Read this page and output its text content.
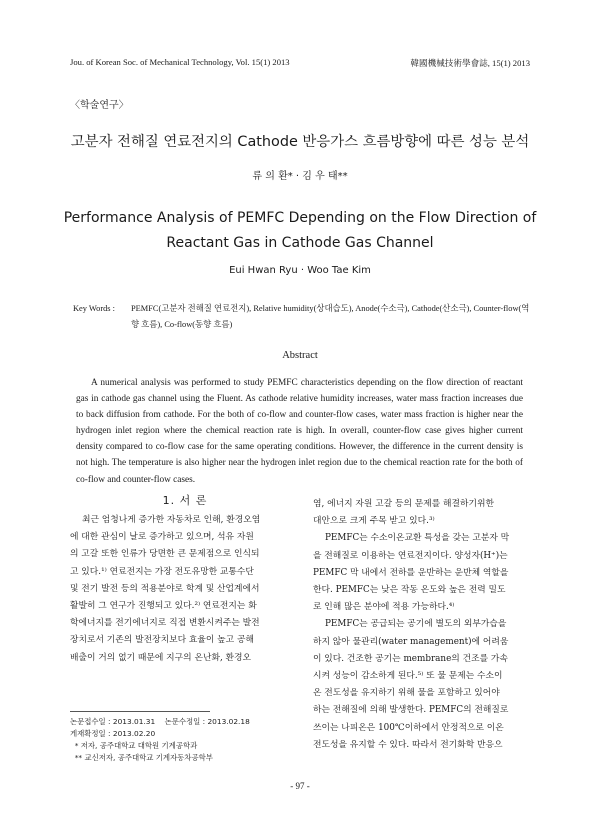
Jou. of Korean Soc. of Mechanical Technology, Vol. 15(1) 2013	韓國機械技術學會誌, 15(1) 2013
〈학술연구〉
고분자 전해질 연료전지의 Cathode 반응가스 흐름방향에 따른 성능 분석
류 의 환* · 김 우 태**
Performance Analysis of PEMFC Depending on the Flow Direction of Reactant Gas in Cathode Gas Channel
Eui Hwan Ryu · Woo Tae Kim
Key Words : PEMFC(고분자 전해질 연료전지), Relative humidity(상대습도), Anode(수소극), Cathode(산소극), Counter-flow(역향 흐름), Co-flow(동향 흐름)
Abstract
A numerical analysis was performed to study PEMFC characteristics depending on the flow direction of reactant gas in cathode gas channel using the Fluent. As cathode relative humidity increases, water mass fraction increases due to back diffusion from cathode. For the both of co-flow and counter-flow cases, water mass fraction is higher near the hydrogen inlet region where the chemical reaction rate is high. In overall, counter-flow case gives higher current density compared to co-flow case for the same operating conditions. However, the difference in the current density is not high. The temperature is also higher near the hydrogen inlet region due to the chemical reaction rate for the both of co-flow and counter-flow cases.
1. 서 론
최근 엄청나게 증가한 자동차로 인해, 환경오염
에 대한 관심이 날로 증가하고 있으며, 석유 자원
의 고갈 또한 인류가 당면한 큰 문제점으로 인식되
고 있다.¹⁾ 연료전지는 가장 전도유망한 교통수단
및 전기 발전 등의 적용분야로 학계 및 산업계에서
활발히 그 연구가 진행되고 있다.²⁾ 연료전지는 화
학에너지를 전기에너지로 직접 변환시켜주는 발전
장치로서 기존의 발전장치보다 효율이 높고 공해
배출이 거의 없기 때문에 지구의 온난화, 환경오
염, 에너지 자원 고갈 등의 문제를 해결하기위한
대안으로 크게 주목 받고 있다.³⁾
PEMFC는 수소이온교환 특성을 갖는 고분자 막
을 전해질로 이용하는 연료전지이다. 양성자(H⁺)는
PEMFC 막 내에서 전하를 운반하는 운반체 역할을
한다. PEMFC는 낮은 작동 온도와 높은 전력 밀도
로 인해 많은 분야에 적용 가능하다.⁴⁾
PEMFC는 공급되는 공기에 별도의 외부가습을
하지 않아 물관리(water management)에 어려움
이 있다. 건조한 공기는 membrane의 건조를 가속
시켜 성능이 감소하게 된다.⁵⁾ 또 물 문제는 수소이
온 전도성을 유지하기 위해 물을 포함하고 있어야
하는 전해질에 의해 발생한다. PEMFC의 전해질로
쓰이는 나피온은 100℃이하에서 안정적으로 이온
전도성을 유지할 수 있다. 따라서 전기화학 반응으
논문접수일 : 2013.01.31    논문수정일 : 2013.02.18
게재확정일 : 2013.02.20
* 저자, 공주대학교 대학원 기계공학과
** 교신저자, 공주대학교 기계자동차공학부
- 97 -
